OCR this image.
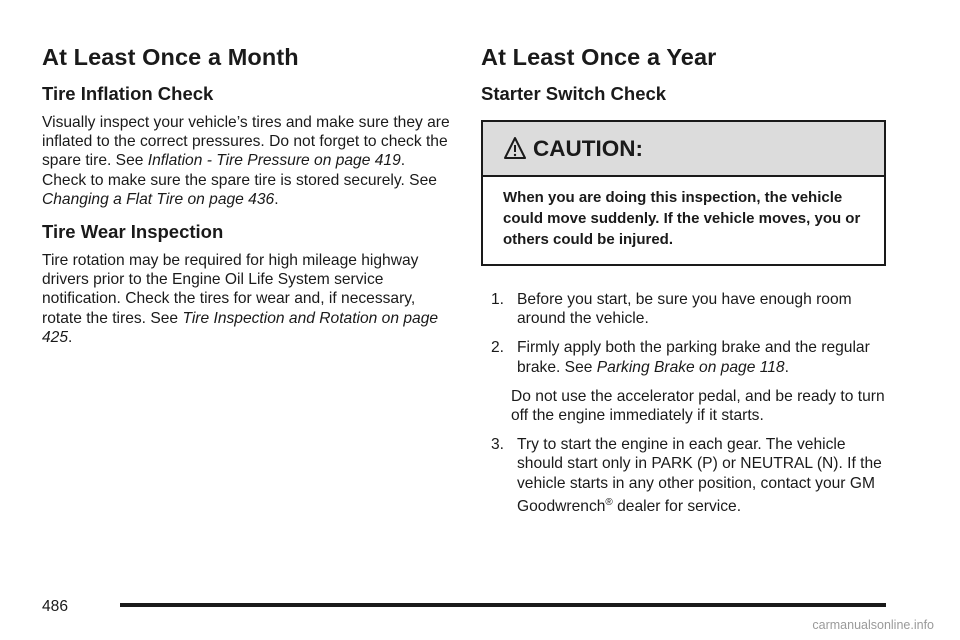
At Least Once a Month
Tire Inflation Check

Visually inspect your vehicle’s tires and make sure they are inflated to the correct pressures. Do not forget to check the spare tire. See Inflation - Tire Pressure on page 419. Check to make sure the spare tire is stored securely. See Changing a Flat Tire on page 436.

Tire Wear Inspection

Tire rotation may be required for high mileage highway drivers prior to the Engine Oil Life System service notification. Check the tires for wear and, if necessary, rotate the tires. See Tire Inspection and Rotation on page 425.

At Least Once a Year
Starter Switch Check
CAUTION:
When you are doing this inspection, the vehicle could move suddenly. If the vehicle moves, you or others could be injured.
1. Before you start, be sure you have enough room around the vehicle.
2. Firmly apply both the parking brake and the regular brake. See Parking Brake on page 118.

Do not use the accelerator pedal, and be ready to turn off the engine immediately if it starts.

3. Try to start the engine in each gear. The vehicle should start only in PARK (P) or NEUTRAL (N). If the vehicle starts in any other position, contact your GM Goodwrench® dealer for service.
486
carmanualsonline.info
